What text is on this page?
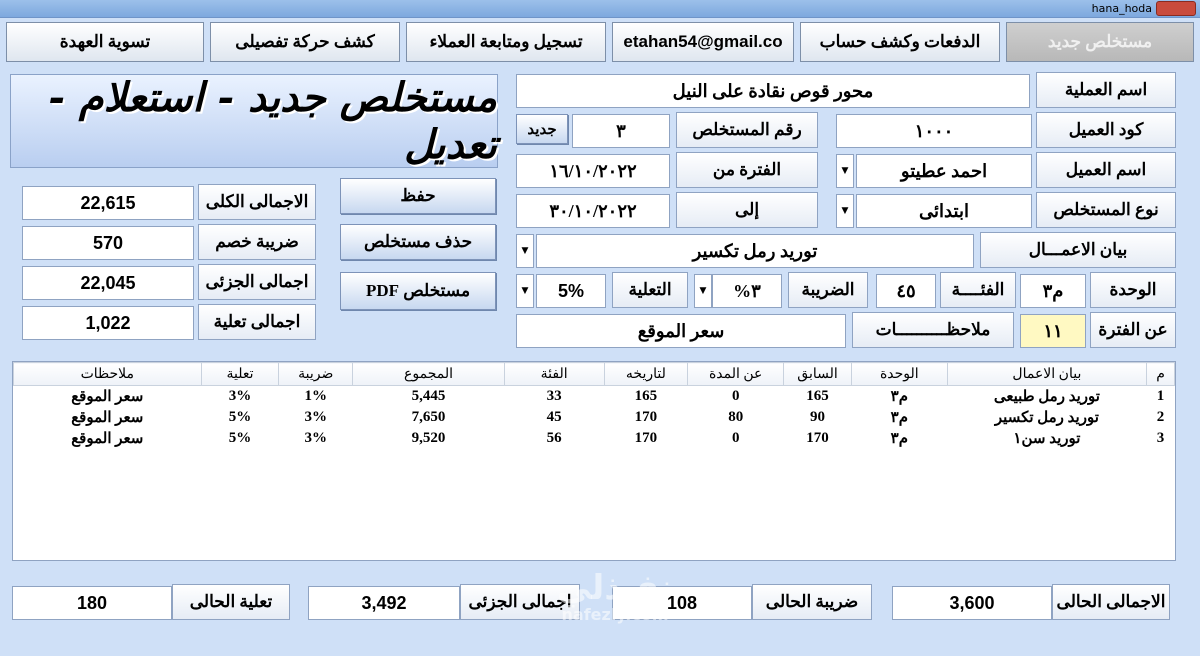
hana_hoda
مستخلص جديد
الدفعات وكشف حساب
etahan54@gmail.co
تسجيل ومتابعة العملاء
كشف حركة تفصيلى
تسوية العهدة
مستخلص جديد - استعلام - تعديل
محور قوص نقادة على النيل	اسم العملية
جديد	٣	رقم المستخلص	١٠٠٠	كود العميل
١٦/١٠/٢٠٢٢	الفترة من	▼	احمد عطيتو	اسم العميل
٣٠/١٠/٢٠٢٢	إلى	▼	ابتدائى	نوع المستخلص
▼	توريد رمل تكسير	بيان الاعمـــال
▼	5%	التعلية	▼	٣%	الضريبة	٤٥	الفئــــة	م٣	الوحدة
سعر الموقع	ملاحظــــــــــات	١١	عن الفترة
حفظ
حذف مستخلص
مستخلص PDF
22,615	الاجمالى الكلى
570	ضريبة خصم
22,045	اجمالى الجزئى
1,022	اجمالى تعلية
م	بيان الاعمال	الوحدة	السابق	عن المدة	لتاريخه	الفئة	المجموع	ضريبة	تعلية	ملاحظات
1	توريد رمل طبيعى	م٣	165	0	165	33	5,445	1%	3%	سعر الموقع
2	توريد رمل تكسير	م٣	90	80	170	45	7,650	3%	5%	سعر الموقع
3	توريد سن١	م٣	170	0	170	56	9,520	3%	5%	سعر الموقع
3,600	الاجمالى الحالى
108	ضريبة الحالى
3,492	اجمالى الجزئى
180	تعلية الحالى	نفـذلي
nafezly.com
